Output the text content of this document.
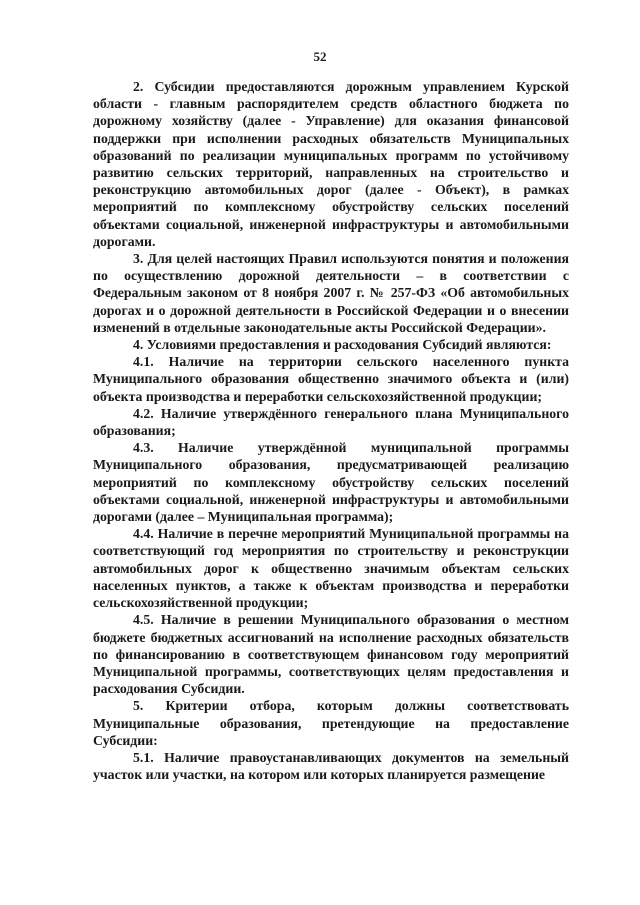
52

2. Субсидии предоставляются дорожным управлением Курской области - главным распорядителем средств областного бюджета по дорожному хозяйству (далее - Управление) для оказания финансовой поддержки при исполнении расходных обязательств Муниципальных образований по реализации муниципальных программ по устойчивому развитию сельских территорий, направленных на строительство и реконструкцию автомобильных дорог (далее - Объект), в рамках мероприятий по комплексному обустройству сельских поселений объектами социальной, инженерной инфраструктуры и автомобильными дорогами.

3. Для целей настоящих Правил используются понятия и положения по осуществлению дорожной деятельности – в соответствии с Федеральным законом от 8 ноября 2007 г. № 257-ФЗ «Об автомобильных дорогах и о дорожной деятельности в Российской Федерации и о внесении изменений в отдельные законодательные акты Российской Федерации».

4. Условиями предоставления и расходования Субсидий являются:

4.1. Наличие на территории сельского населенного пункта Муниципального образования общественно значимого объекта и (или) объекта производства и переработки сельскохозяйственной продукции;

4.2. Наличие утверждённого генерального плана Муниципального образования;

4.3. Наличие утверждённой муниципальной программы Муниципального образования, предусматривающей реализацию мероприятий по комплексному обустройству сельских поселений объектами социальной, инженерной инфраструктуры и автомобильными дорогами (далее – Муниципальная программа);

4.4. Наличие в перечне мероприятий Муниципальной программы на соответствующий год мероприятия по строительству и реконструкции автомобильных дорог к общественно значимым объектам сельских населенных пунктов, а также к объектам производства и переработки сельскохозяйственной продукции;

4.5. Наличие в решении Муниципального образования о местном бюджете бюджетных ассигнований на исполнение расходных обязательств по финансированию в соответствующем финансовом году мероприятий Муниципальной программы, соответствующих целям предоставления и расходования Субсидии.

5. Критерии отбора, которым должны соответствовать Муниципальные образования, претендующие на предоставление Субсидии:

5.1. Наличие правоустанавливающих документов на земельный участок или участки, на котором или которых планируется размещение
